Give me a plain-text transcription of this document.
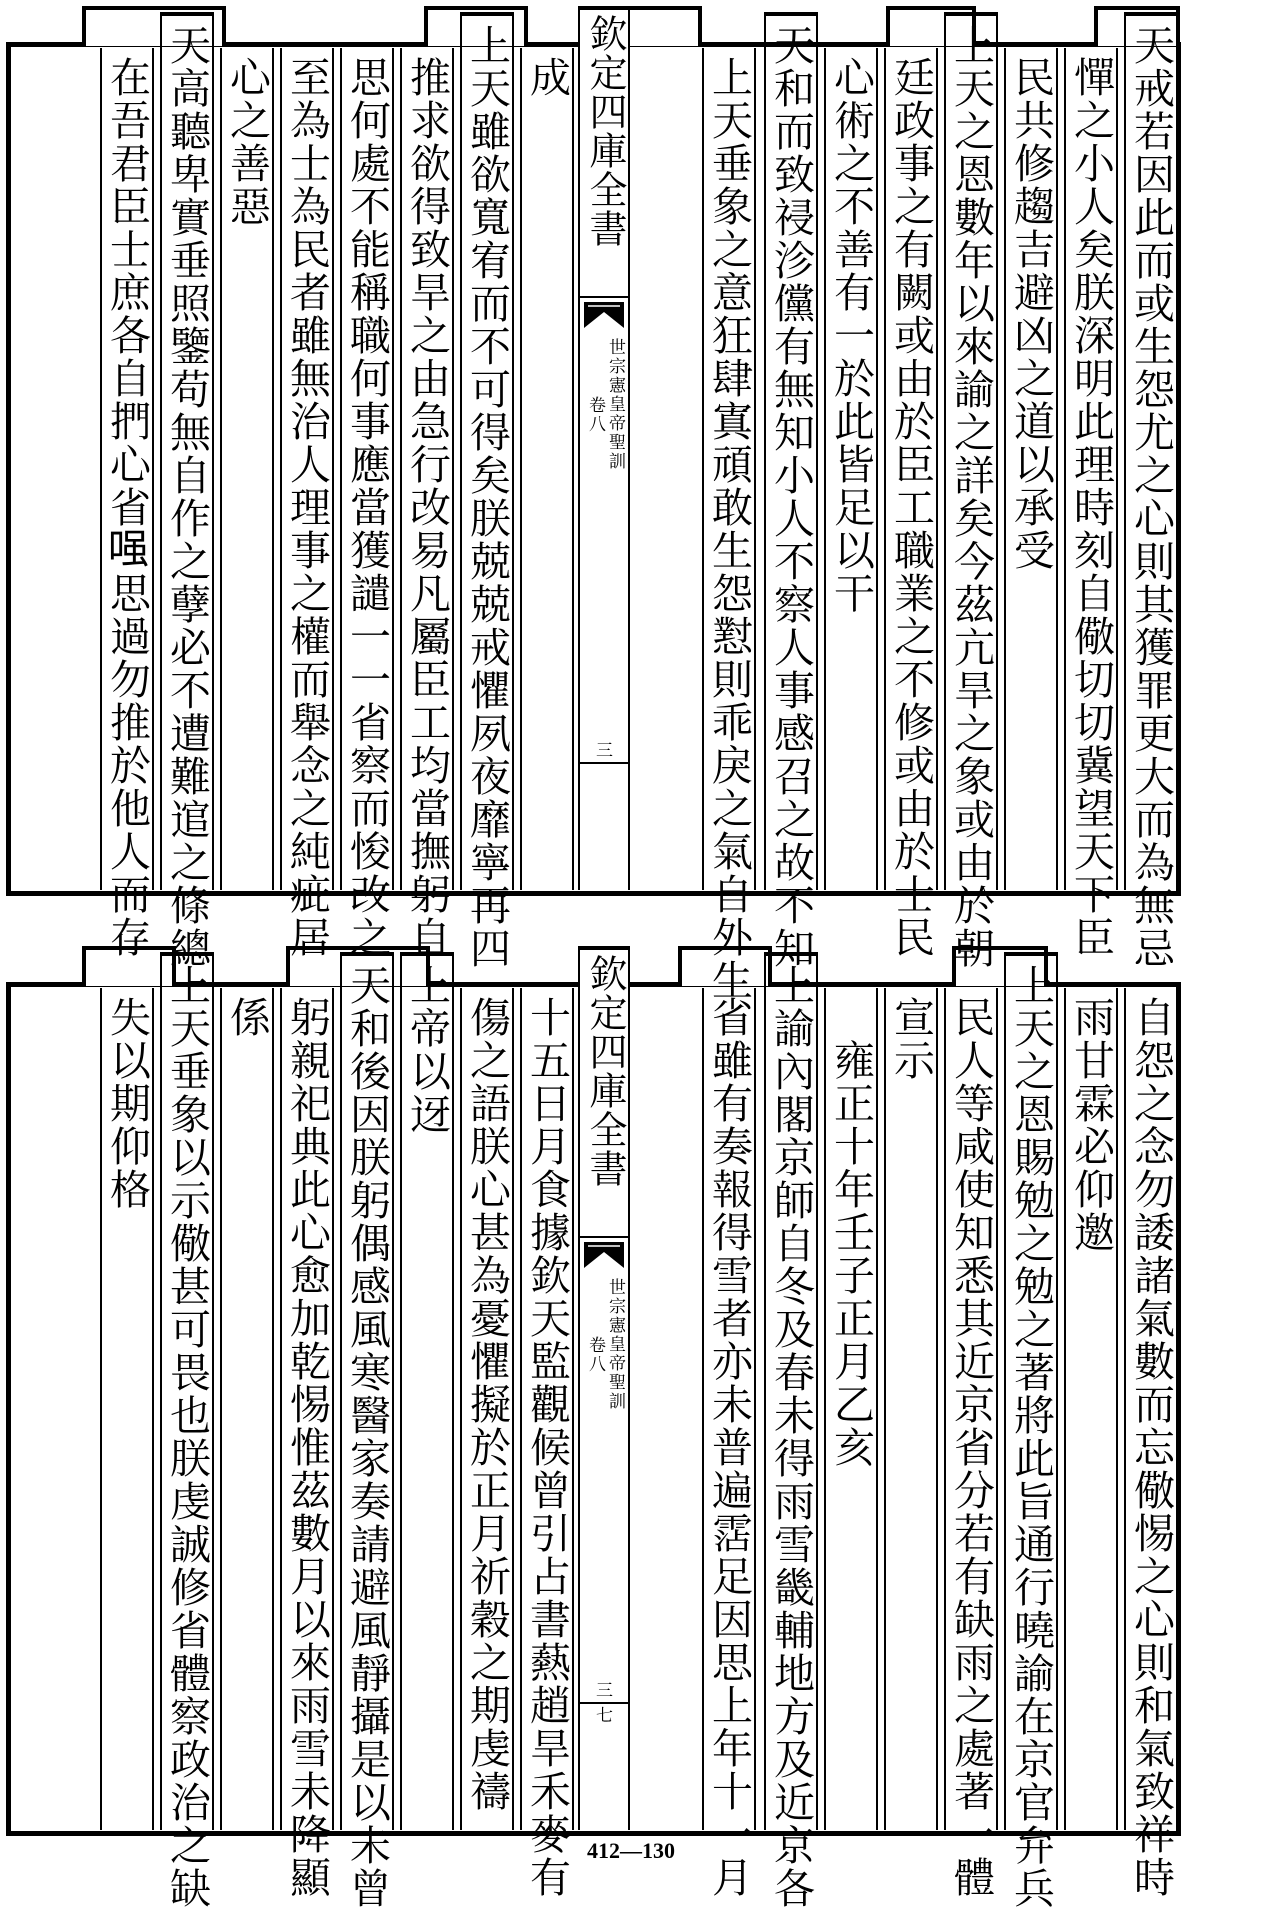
412—130
天戒若因此而或生怨尤之心則其獲罪更大而為無忌
憚之小人矣朕深明此理時刻自儆切切冀望天下臣
民共修趨吉避凶之道以承受
上天之恩數年以來諭之詳矣今茲亢旱之象或由於朝
廷政事之有闕或由於臣工職業之不修或由於士民
心術之不善有一於此皆足以干
天和而致祲沴儻有無知小人不察人事感召之故不知
上天垂象之意狂肆寘頑敢生怨懟則乖戾之氣自外生
成
上天雖欲寬宥而不可得矣朕兢兢戒懼夙夜靡寧再四
推求欲得致旱之由急行改易凡屬臣工均當撫躬自
思何處不能稱職何事應當獲譴一一省察而悛改之
至為士為民者雖無治人理事之權而舉念之純疵居
心之善惡
天高聽卑實垂照鑒苟無自作之孽必不遭難逭之條總
在吾君臣士庶各自捫心省𠷣思過勿推於他人而存	欽定四庫全書
世宗憲皇帝聖訓
卷八
三
自怨之念勿諉諸氣數而忘儆惕之心則和氣致祥時
雨甘霖必仰邀
上天之恩賜勉之勉之著將此旨通行曉諭在京官弁兵
民人等咸使知悉其近京省分若有缺雨之處著一體
宣示
　雍正十年壬子正月乙亥
上諭內閣京師自冬及春未得雨雪畿輔地方及近京各
省雖有奏報得雪者亦未普遍霑足因思上年十一月
十五日月食據欽天監觀候曾引占書爇趙旱禾麥有
傷之語朕心甚為憂懼擬於正月祈穀之期虔禱
上帝以迓
天和後因朕躬偶感風寒醫家奏請避風靜攝是以未曾
躬親祀典此心愈加乾惕惟茲數月以來雨雪未降顯
係
上天垂象以示儆甚可畏也朕虔誠修省體察政治之缺
失以期仰格	欽定四庫全書
世宗憲皇帝聖訓
卷八
三七
